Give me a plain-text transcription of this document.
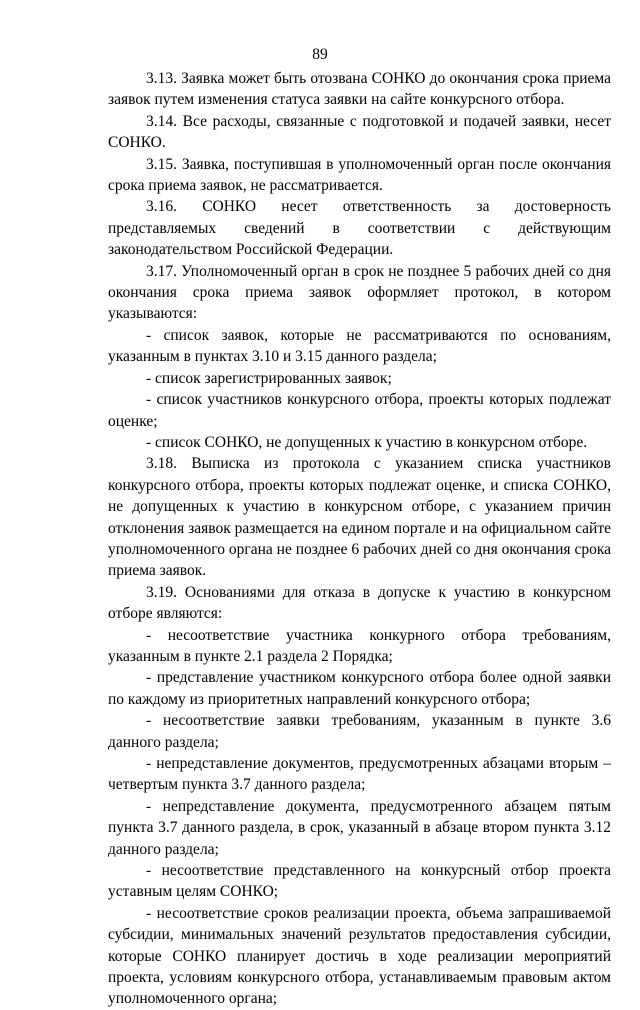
89

3.13. Заявка может быть отозвана СОНКО до окончания срока приема заявок путем изменения статуса заявки на сайте конкурсного отбора.

3.14. Все расходы, связанные с подготовкой и подачей заявки, несет СОНКО.

3.15. Заявка, поступившая в уполномоченный орган после окончания срока приема заявок, не рассматривается.

3.16. СОНКО несет ответственность за достоверность представляемых сведений в соответствии с действующим законодательством Российской Федерации.

3.17. Уполномоченный орган в срок не позднее 5 рабочих дней со дня окончания срока приема заявок оформляет протокол, в котором указываются:

- список заявок, которые не рассматриваются по основаниям, указанным в пунктах 3.10 и 3.15 данного раздела;

- список зарегистрированных заявок;

- список участников конкурсного отбора, проекты которых подлежат оценке;

- список СОНКО, не допущенных к участию в конкурсном отборе.

3.18. Выписка из протокола с указанием списка участников конкурсного отбора, проекты которых подлежат оценке, и списка СОНКО, не допущенных к участию в конкурсном отборе, с указанием причин отклонения заявок размещается на едином портале и на официальном сайте уполномоченного органа не позднее 6 рабочих дней со дня окончания срока приема заявок.

3.19. Основаниями для отказа в допуске к участию в конкурсном отборе являются:

- несоответствие участника конкурного отбора требованиям, указанным в пункте 2.1 раздела 2 Порядка;

- представление участником конкурсного отбора более одной заявки по каждому из приоритетных направлений конкурсного отбора;

- несоответствие заявки требованиям, указанным в пункте 3.6 данного раздела;

- непредставление документов, предусмотренных абзацами вторым – четвертым пункта 3.7 данного раздела;

- непредставление документа, предусмотренного абзацем пятым пункта 3.7 данного раздела, в срок, указанный в абзаце втором пункта 3.12 данного раздела;

- несоответствие представленного на конкурсный отбор проекта уставным целям СОНКО;

- несоответствие сроков реализации проекта, объема запрашиваемой субсидии, минимальных значений результатов предоставления субсидии, которые СОНКО планирует достичь в ходе реализации мероприятий проекта, условиям конкурсного отбора, устанавливаемым правовым актом уполномоченного органа;
